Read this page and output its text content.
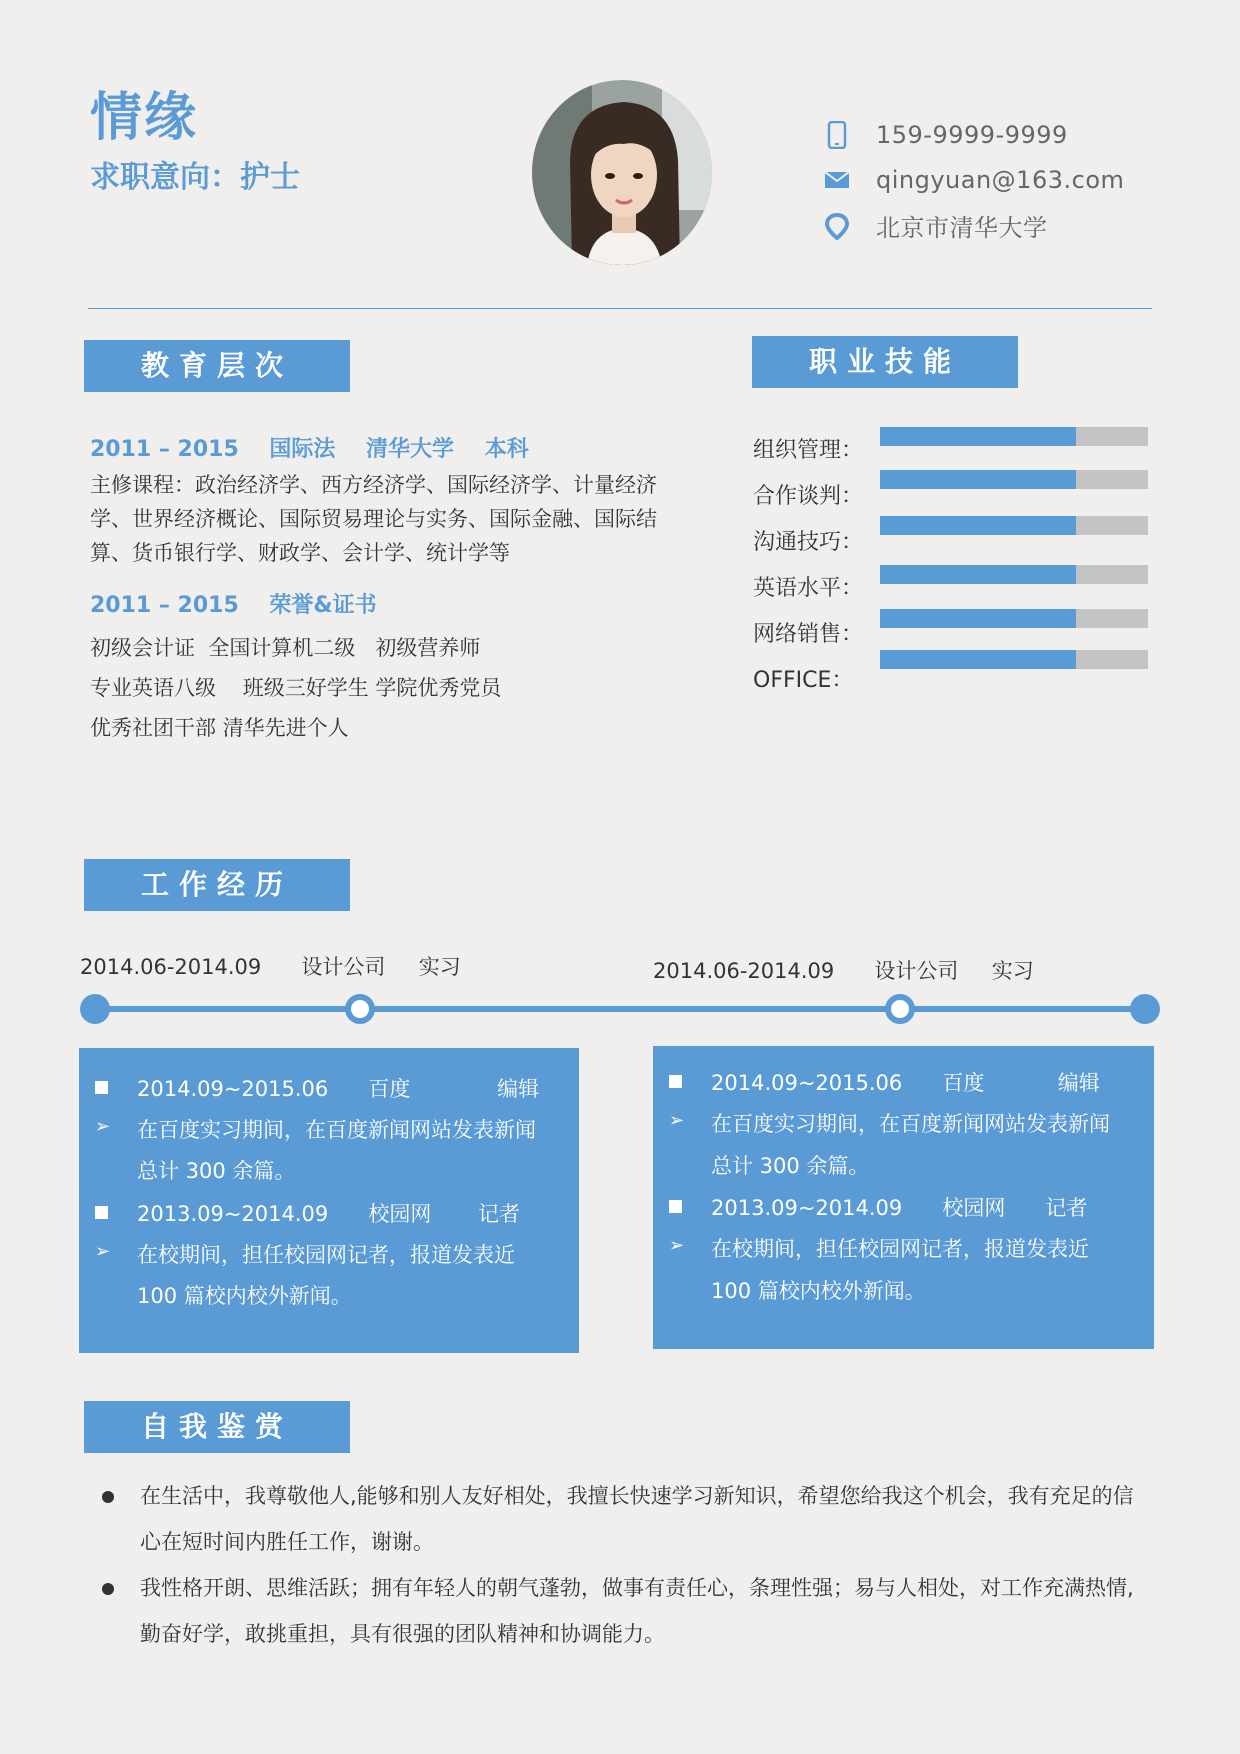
情缘
求职意向：护士
159-9999-9999
qingyuan@163.com
北京市清华大学
教育层次
2011 – 2015 国际法    清华大学    本科
主修课程：政治经济学、西方经济学、国际经济学、计量经济学、世界经济概论、国际贸易理论与实务、国际金融、国际结算、货币银行学、财政学、会计学、统计学等
2011 – 2015 荣誉&证书
初级会计证  全国计算机二级   初级营养师
专业英语八级    班级三好学生 学院优秀党员
优秀社团干部 清华先进个人
职业技能
组织管理：
合作谈判：
沟通技巧：
英语水平：
网络销售：
OFFICE：
工作经历
2014.06-2014.09 设计公司 实习	2014.06-2014.09 设计公司 实习
2014.09~2015.06      百度             编辑
➢ 在百度实习期间，在百度新闻网站发表新闻
总计 300 余篇。
2013.09~2014.09      校园网       记者
➢ 在校期间，担任校园网记者，报道发表近
100 篇校内校外新闻。
2014.09~2015.06      百度           编辑
➢ 在百度实习期间，在百度新闻网站发表新闻
总计 300 余篇。
2013.09~2014.09      校园网      记者
➢ 在校期间，担任校园网记者，报道发表近
100 篇校内校外新闻。
自我鉴赏
在生活中，我尊敬他人,能够和别人友好相处，我擅长快速学习新知识，希望您给我这个机会，我有充足的信心在短时间内胜任工作，谢谢。
我性格开朗、思维活跃；拥有年轻人的朝气蓬勃，做事有责任心，条理性强；易与人相处，对工作充满热情,勤奋好学，敢挑重担，具有很强的团队精神和协调能力。
